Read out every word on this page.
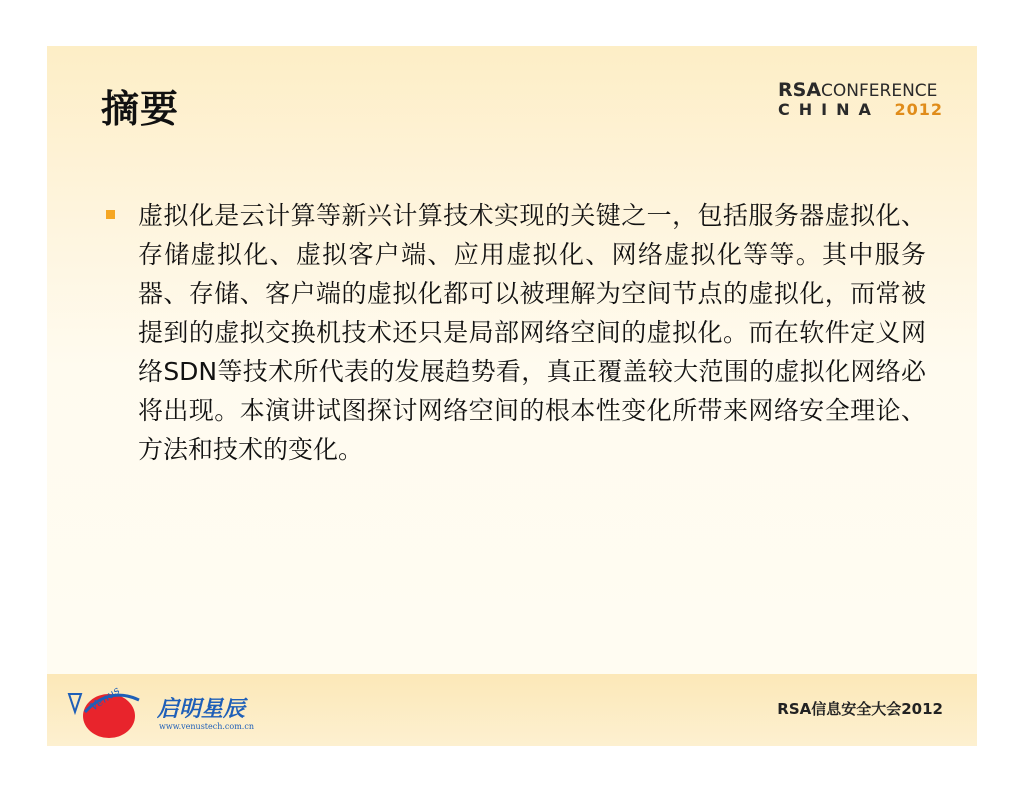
摘要	RSACONFERENCE
CHINA 2012

虚拟化是云计算等新兴计算技术实现的关键之一，包括服务器虚拟化、存储虚拟化、虚拟客户端、应用虚拟化、网络虚拟化等等。其中服务器、存储、客户端的虚拟化都可以被理解为空间节点的虚拟化，而常被提到的虚拟交换机技术还只是局部网络空间的虚拟化。而在软件定义网络SDN等技术所代表的发展趋势看，真正覆盖较大范围的虚拟化网络必将出现。本演讲试图探讨网络空间的根本性变化所带来网络安全理论、方法和技术的变化。

Venus 启明星辰
www.venustech.com.cn
RSA信息安全大会2012
